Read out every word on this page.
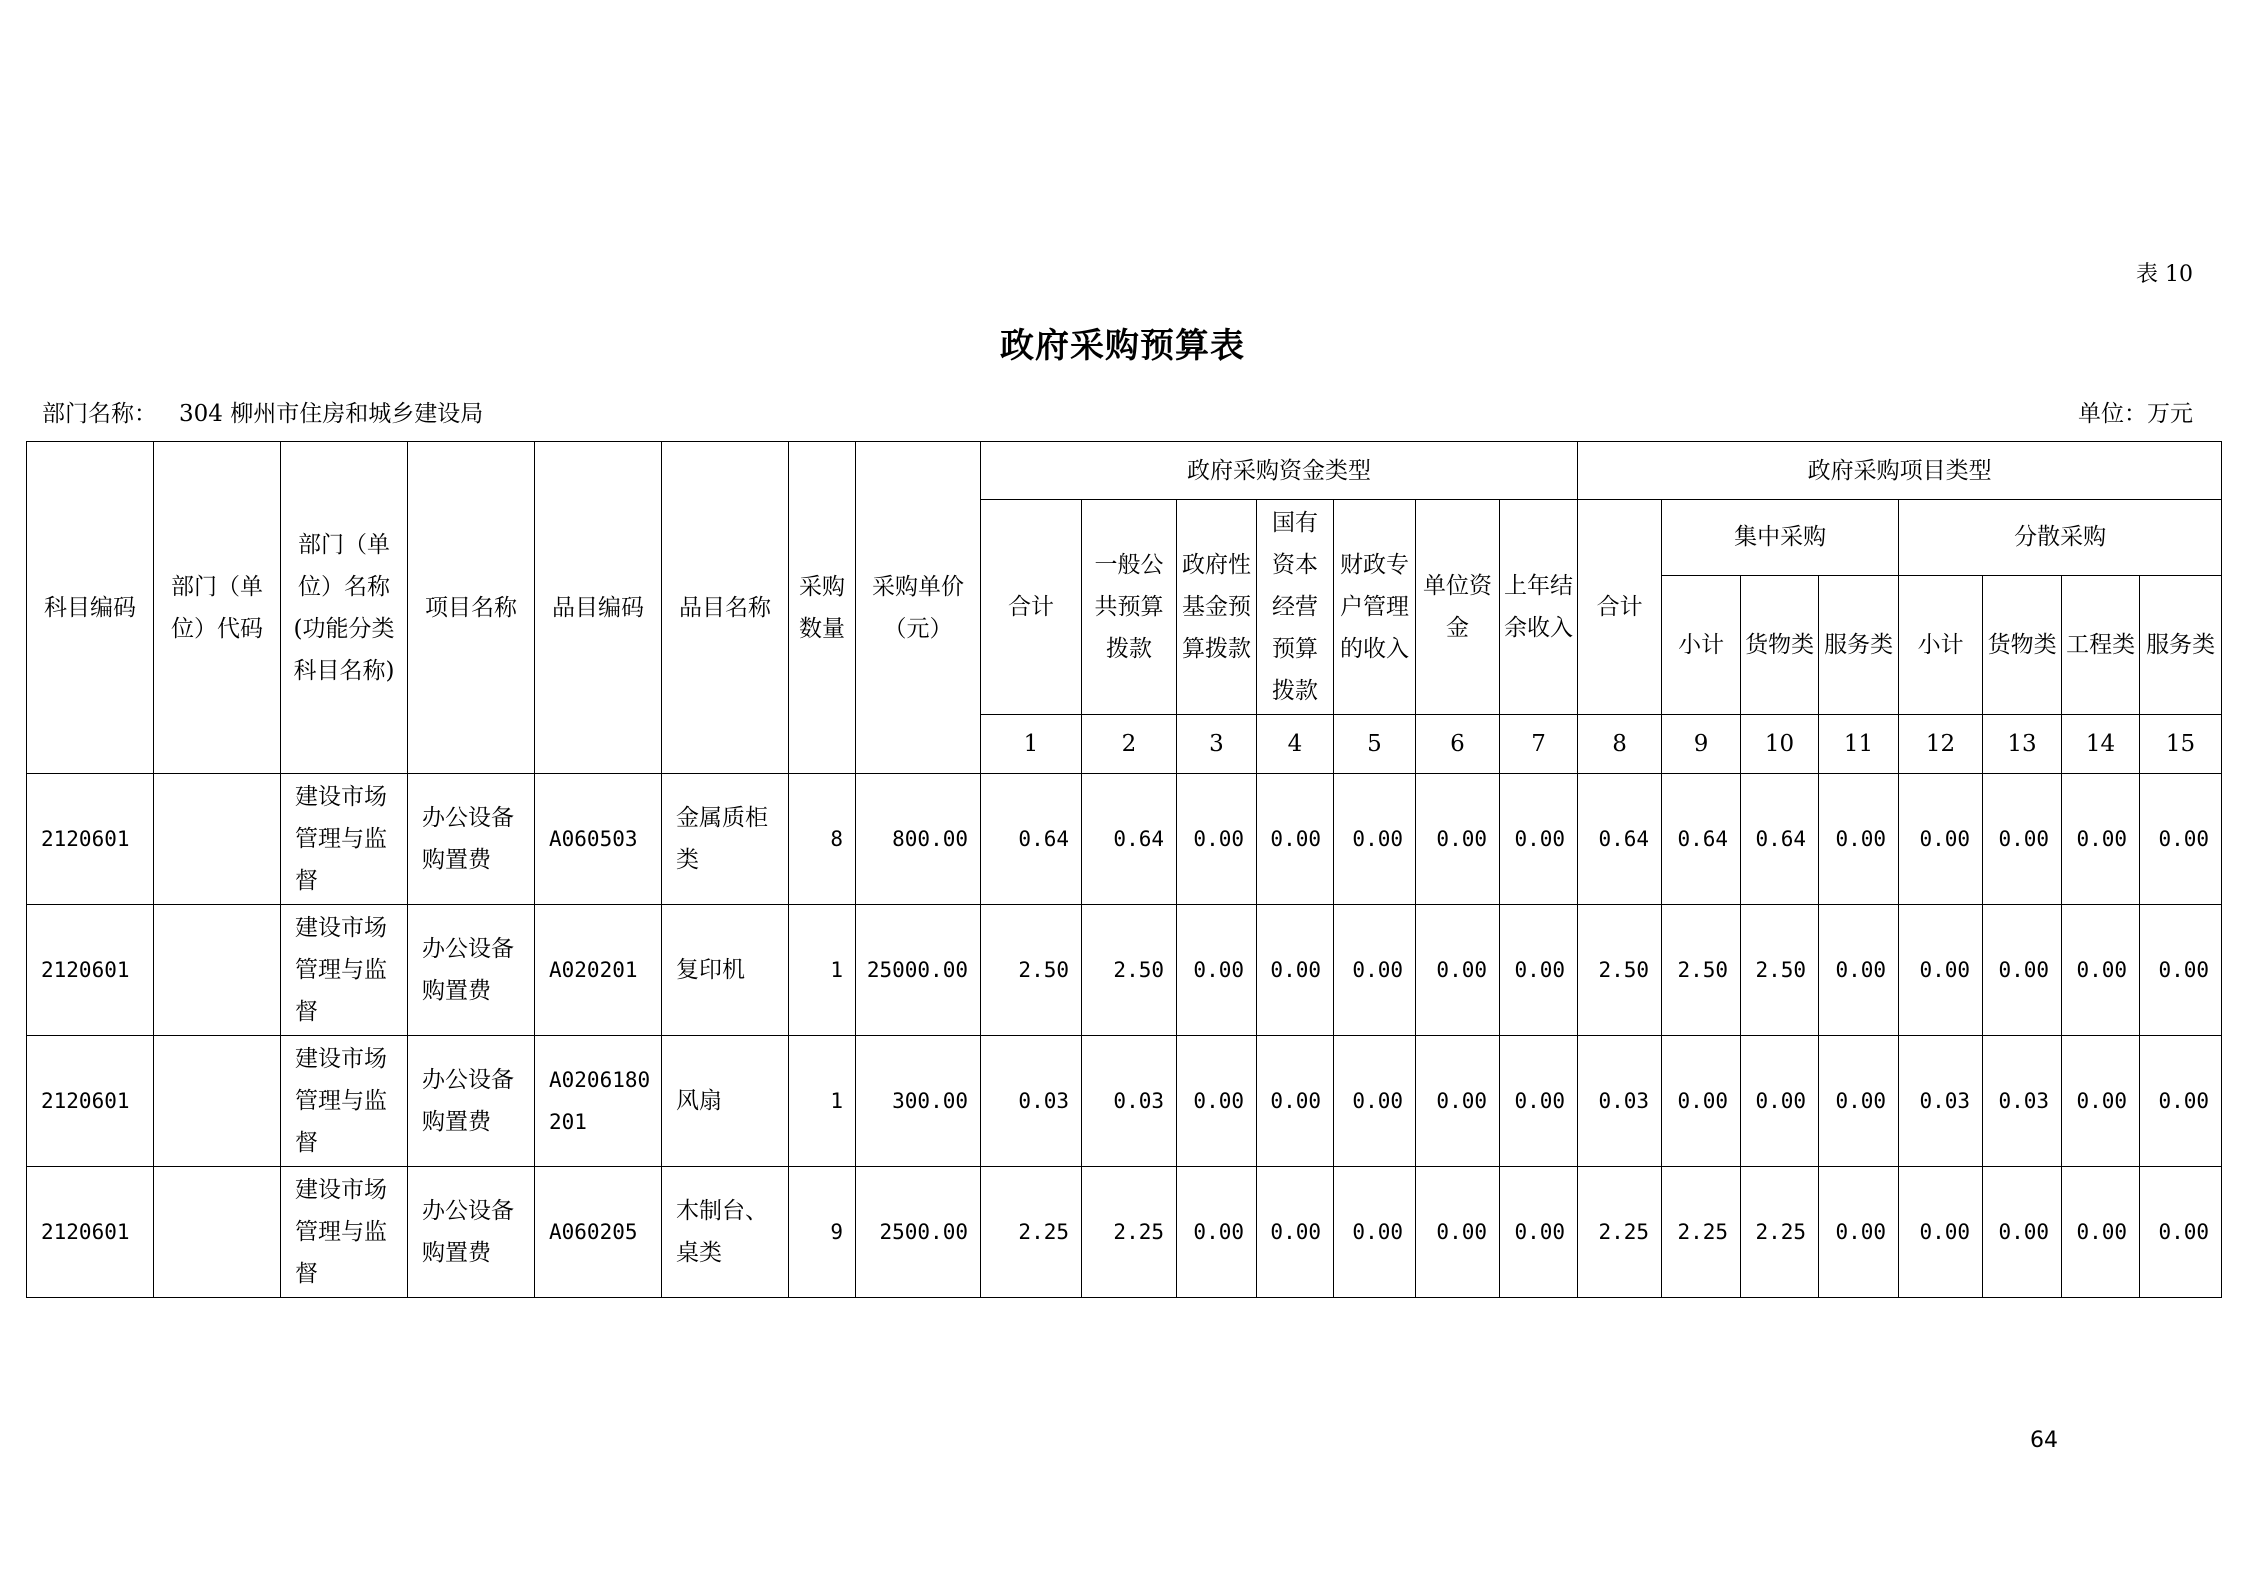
表 10
政府采购预算表
部门名称： 304 柳州市住房和城乡建设局	单位：万元
科目编码	部门（单位）代码	部门（单位）名称(功能分类科目名称)	项目名称	品目编码	品目名称	采购数量	采购单价（元）	政府采购资金类型							政府采购项目类型							
								合计	一般公共预算拨款	政府性基金预算拨款	国有资本经营预算拨款	财政专户管理的收入	单位资金	上年结余收入	合计	集中采购			分散采购			
																小计	货物类	服务类	小计	货物类	工程类	服务类
								1	2	3	4	5	6	7	8	9	10	11	12	13	14	15
2120601		建设市场管理与监督	办公设备购置费	A060503	金属质柜类	8	800.00	0.64	0.64	0.00	0.00	0.00	0.00	0.00	0.64	0.64	0.64	0.00	0.00	0.00	0.00	0.00
2120601		建设市场管理与监督	办公设备购置费	A020201	复印机	1	25000.00	2.50	2.50	0.00	0.00	0.00	0.00	0.00	2.50	2.50	2.50	0.00	0.00	0.00	0.00	0.00
2120601		建设市场管理与监督	办公设备购置费	A0206180201	风扇	1	300.00	0.03	0.03	0.00	0.00	0.00	0.00	0.00	0.03	0.00	0.00	0.00	0.03	0.03	0.00	0.00
2120601		建设市场管理与监督	办公设备购置费	A060205	木制台、桌类	9	2500.00	2.25	2.25	0.00	0.00	0.00	0.00	0.00	2.25	2.25	2.25	0.00	0.00	0.00	0.00	0.00
64
